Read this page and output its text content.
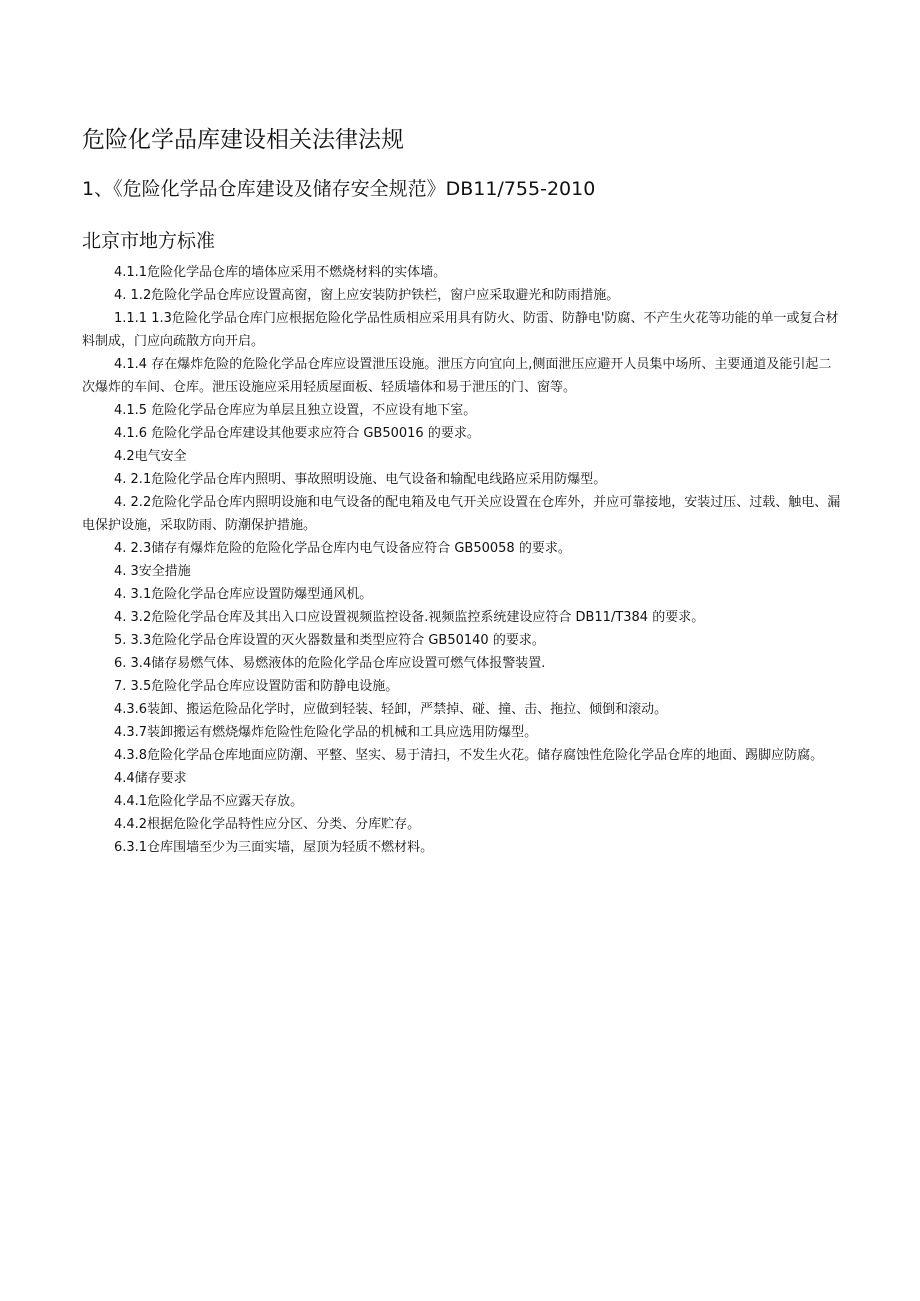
危险化学品库建设相关法律法规
1、《危险化学品仓库建设及储存安全规范》DB11/755-2010
北京市地方标准

4.1.1危险化学品仓库的墙体应采用不燃烧材料的实体墙。

4. 1.2危险化学品仓库应设置高窗，窗上应安装防护铁栏，窗户应采取避光和防雨措施。

1.1.1 1.3危险化学品仓库门应根据危险化学品性质相应采用具有防火、防雷、防静电'防腐、不产生火花等功能的单一或复合材料制成，门应向疏散方向开启。

4.1.4 存在爆炸危险的危险化学品仓库应设置泄压设施。泄压方向宜向上,侧面泄压应避开人员集中场所、主要通道及能引起二次爆炸的车间、仓库。泄压设施应采用轻质屋面板、轻质墙体和易于泄压的门、窗等。

4.1.5 危险化学品仓库应为单层且独立设置，不应设有地下室。

4.1.6 危险化学品仓库建设其他要求应符合 GB50016 的要求。

4.2电气安全

4. 2.1危险化学品仓库内照明、事故照明设施、电气设备和输配电线路应采用防爆型。

4. 2.2危险化学品仓库内照明设施和电气设备的配电箱及电气开关应设置在仓库外，并应可靠接地，安装过压、过载、触电、漏电保护设施，采取防雨、防潮保护措施。

4. 2.3储存有爆炸危险的危险化学品仓库内电气设备应符合 GB50058 的要求。

4. 3安全措施

4. 3.1危险化学品仓库应设置防爆型通风机。

4. 3.2危险化学品仓库及其出入口应设置视频监控设备.视频监控系统建设应符合 DB11/T384 的要求。

5. 3.3危险化学品仓库设置的灭火器数量和类型应符合 GB50140 的要求。

6. 3.4储存易燃气体、易燃液体的危险化学品仓库应设置可燃气体报警装置.

7. 3.5危险化学品仓库应设置防雷和防静电设施。

4.3.6装卸、搬运危险品化学时，应做到轻装、轻卸，严禁掉、碰、撞、击、拖拉、倾倒和滚动。

4.3.7装卸搬运有燃烧爆炸危险性危险化学品的机械和工具应选用防爆型。

4.3.8危险化学品仓库地面应防潮、平整、坚实、易于清扫，不发生火花。储存腐蚀性危险化学品仓库的地面、踢脚应防腐。

4.4储存要求

4.4.1危险化学品不应露天存放。

4.4.2根据危险化学品特性应分区、分类、分库贮存。

6.3.1仓库围墙至少为三面实墙，屋顶为轻质不燃材料。
